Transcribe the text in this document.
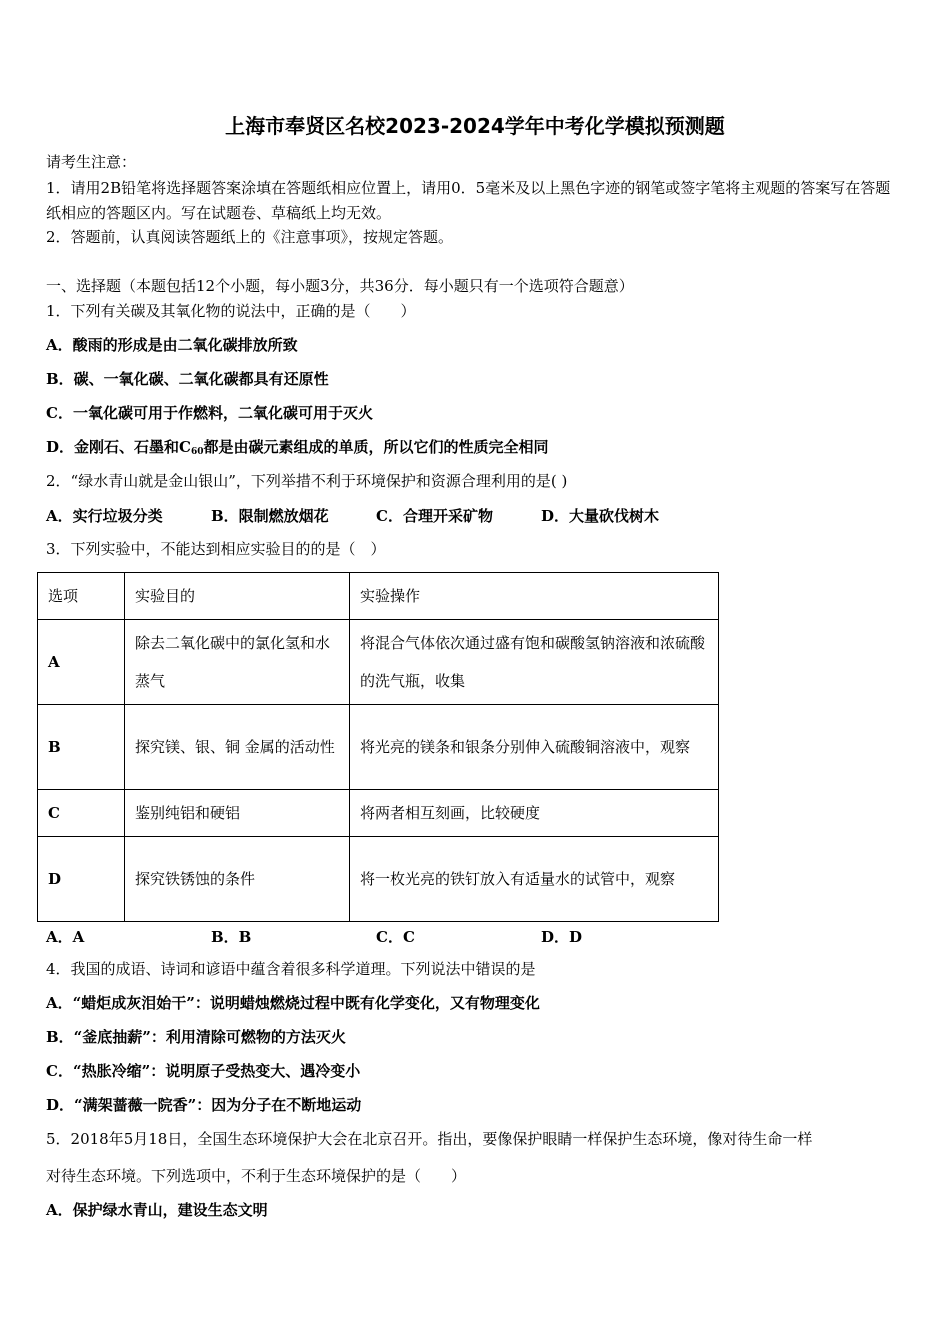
上海市奉贤区名校2023-2024学年中考化学模拟预测题
请考生注意：
1．请用2B铅笔将选择题答案涂填在答题纸相应位置上，请用0．5毫米及以上黑色字迹的钢笔或签字笔将主观题的答案写在答题纸相应的答题区内。写在试题卷、草稿纸上均无效。
2．答题前，认真阅读答题纸上的《注意事项》，按规定答题。
一、选择题（本题包括12个小题，每小题3分，共36分．每小题只有一个选项符合题意）
1．下列有关碳及其氧化物的说法中，正确的是（　　）
A．酸雨的形成是由二氧化碳排放所致
B．碳、一氧化碳、二氧化碳都具有还原性
C．一氧化碳可用于作燃料，二氧化碳可用于灭火
D．金刚石、石墨和$C_{60}$都是由碳元素组成的单质，所以它们的性质完全相同
2．“绿水青山就是金山银山”，下列举措不利于环境保护和资源合理利用的是( )
A．实行垃圾分类	B．限制燃放烟花	C．合理开采矿物	D．大量砍伐树木
3．下列实验中，不能达到相应实验目的的是（　）
选项	实验目的	实验操作
A	除去二氧化碳中的氯化氢和水蒸气	将混合气体依次通过盛有饱和碳酸氢钠溶液和浓硫酸的洗气瓶，收集
B	探究镁、银、铜 金属的活动性	将光亮的镁条和银条分别伸入硫酸铜溶液中，观察
C	鉴别纯铝和硬铝	将两者相互刻画，比较硬度
D	探究铁锈蚀的条件	将一枚光亮的铁钉放入有适量水的试管中，观察
A．A	B．B	C．C	D．D
4．我国的成语、诗词和谚语中蕴含着很多科学道理。下列说法中错误的是
A．“蜡炬成灰泪始干”：说明蜡烛燃烧过程中既有化学变化，又有物理变化
B．“釜底抽薪”：利用清除可燃物的方法灭火
C．“热胀冷缩”：说明原子受热变大、遇冷变小
D．“满架蔷薇一院香”：因为分子在不断地运动
5．2018年5月18日，全国生态环境保护大会在北京召开。指出，要像保护眼睛一样保护生态环境，像对待生命一样
对待生态环境。下列选项中，不利于生态环境保护的是（　　）
A．保护绿水青山，建设生态文明
